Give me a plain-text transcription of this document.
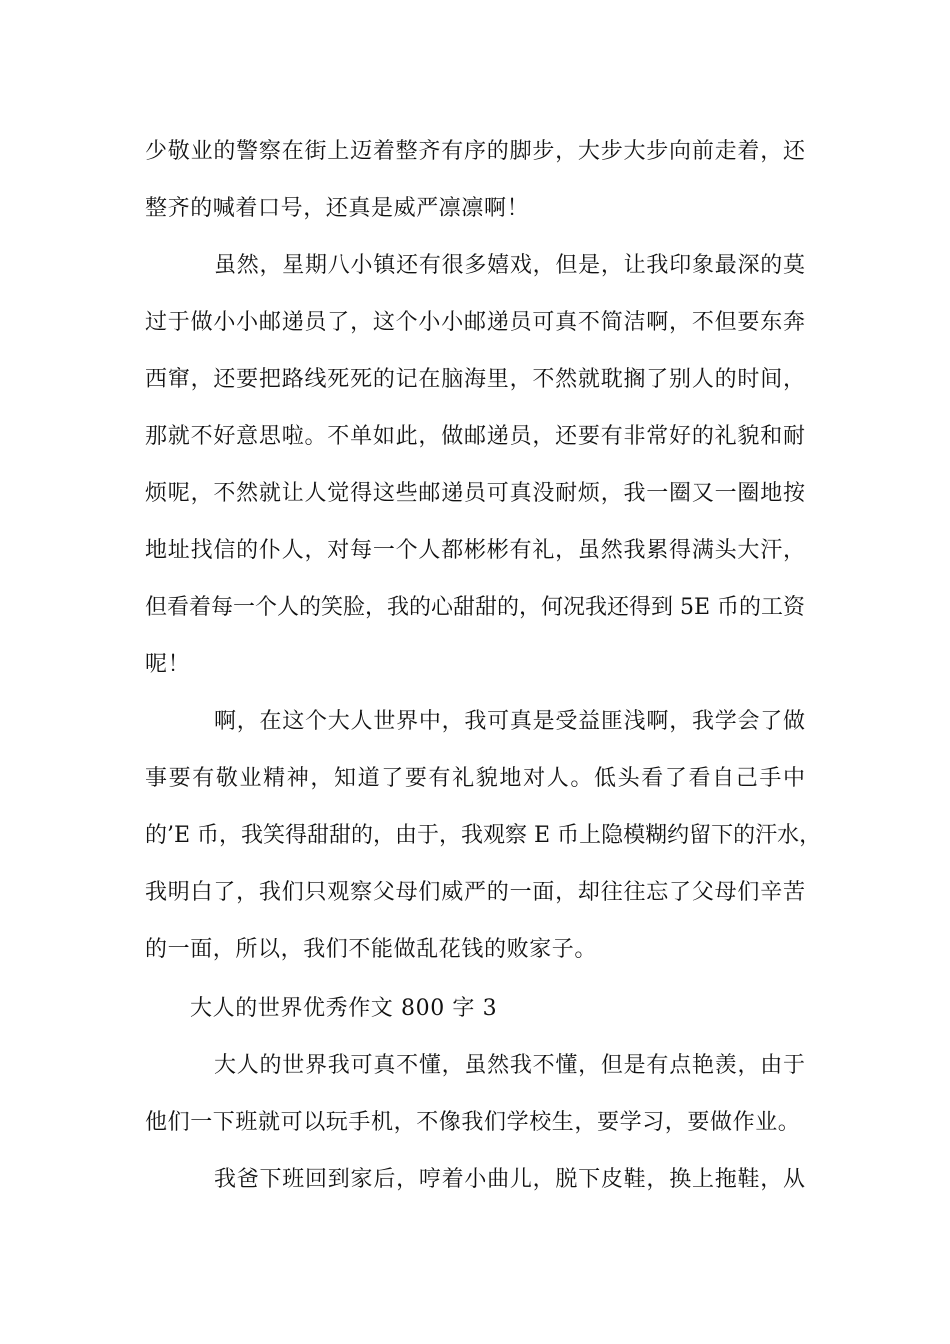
少敬业的警察在街上迈着整齐有序的脚步，大步大步向前走着，还
整齐的喊着口号，还真是威严凛凛啊！
虽然，星期八小镇还有很多嬉戏，但是，让我印象最深的莫
过于做小小邮递员了，这个小小邮递员可真不简洁啊，不但要东奔
西窜，还要把路线死死的记在脑海里，不然就耽搁了别人的时间，
那就不好意思啦。不单如此，做邮递员，还要有非常好的礼貌和耐
烦呢，不然就让人觉得这些邮递员可真没耐烦，我一圈又一圈地按
地址找信的仆人，对每一个人都彬彬有礼，虽然我累得满头大汗，
但看着每一个人的笑脸，我的心甜甜的，何况我还得到 5E 币的工资
呢！
啊，在这个大人世界中，我可真是受益匪浅啊，我学会了做
事要有敬业精神，知道了要有礼貌地对人。低头看了看自己手中
的’E 币，我笑得甜甜的，由于，我观察 E 币上隐模糊约留下的汗水，
我明白了，我们只观察父母们威严的一面，却往往忘了父母们辛苦
的一面，所以，我们不能做乱花钱的败家子。
大人的世界优秀作文 800 字 3
大人的世界我可真不懂，虽然我不懂，但是有点艳羡，由于
他们一下班就可以玩手机，不像我们学校生，要学习，要做作业。
我爸下班回到家后，哼着小曲儿，脱下皮鞋，换上拖鞋，从
